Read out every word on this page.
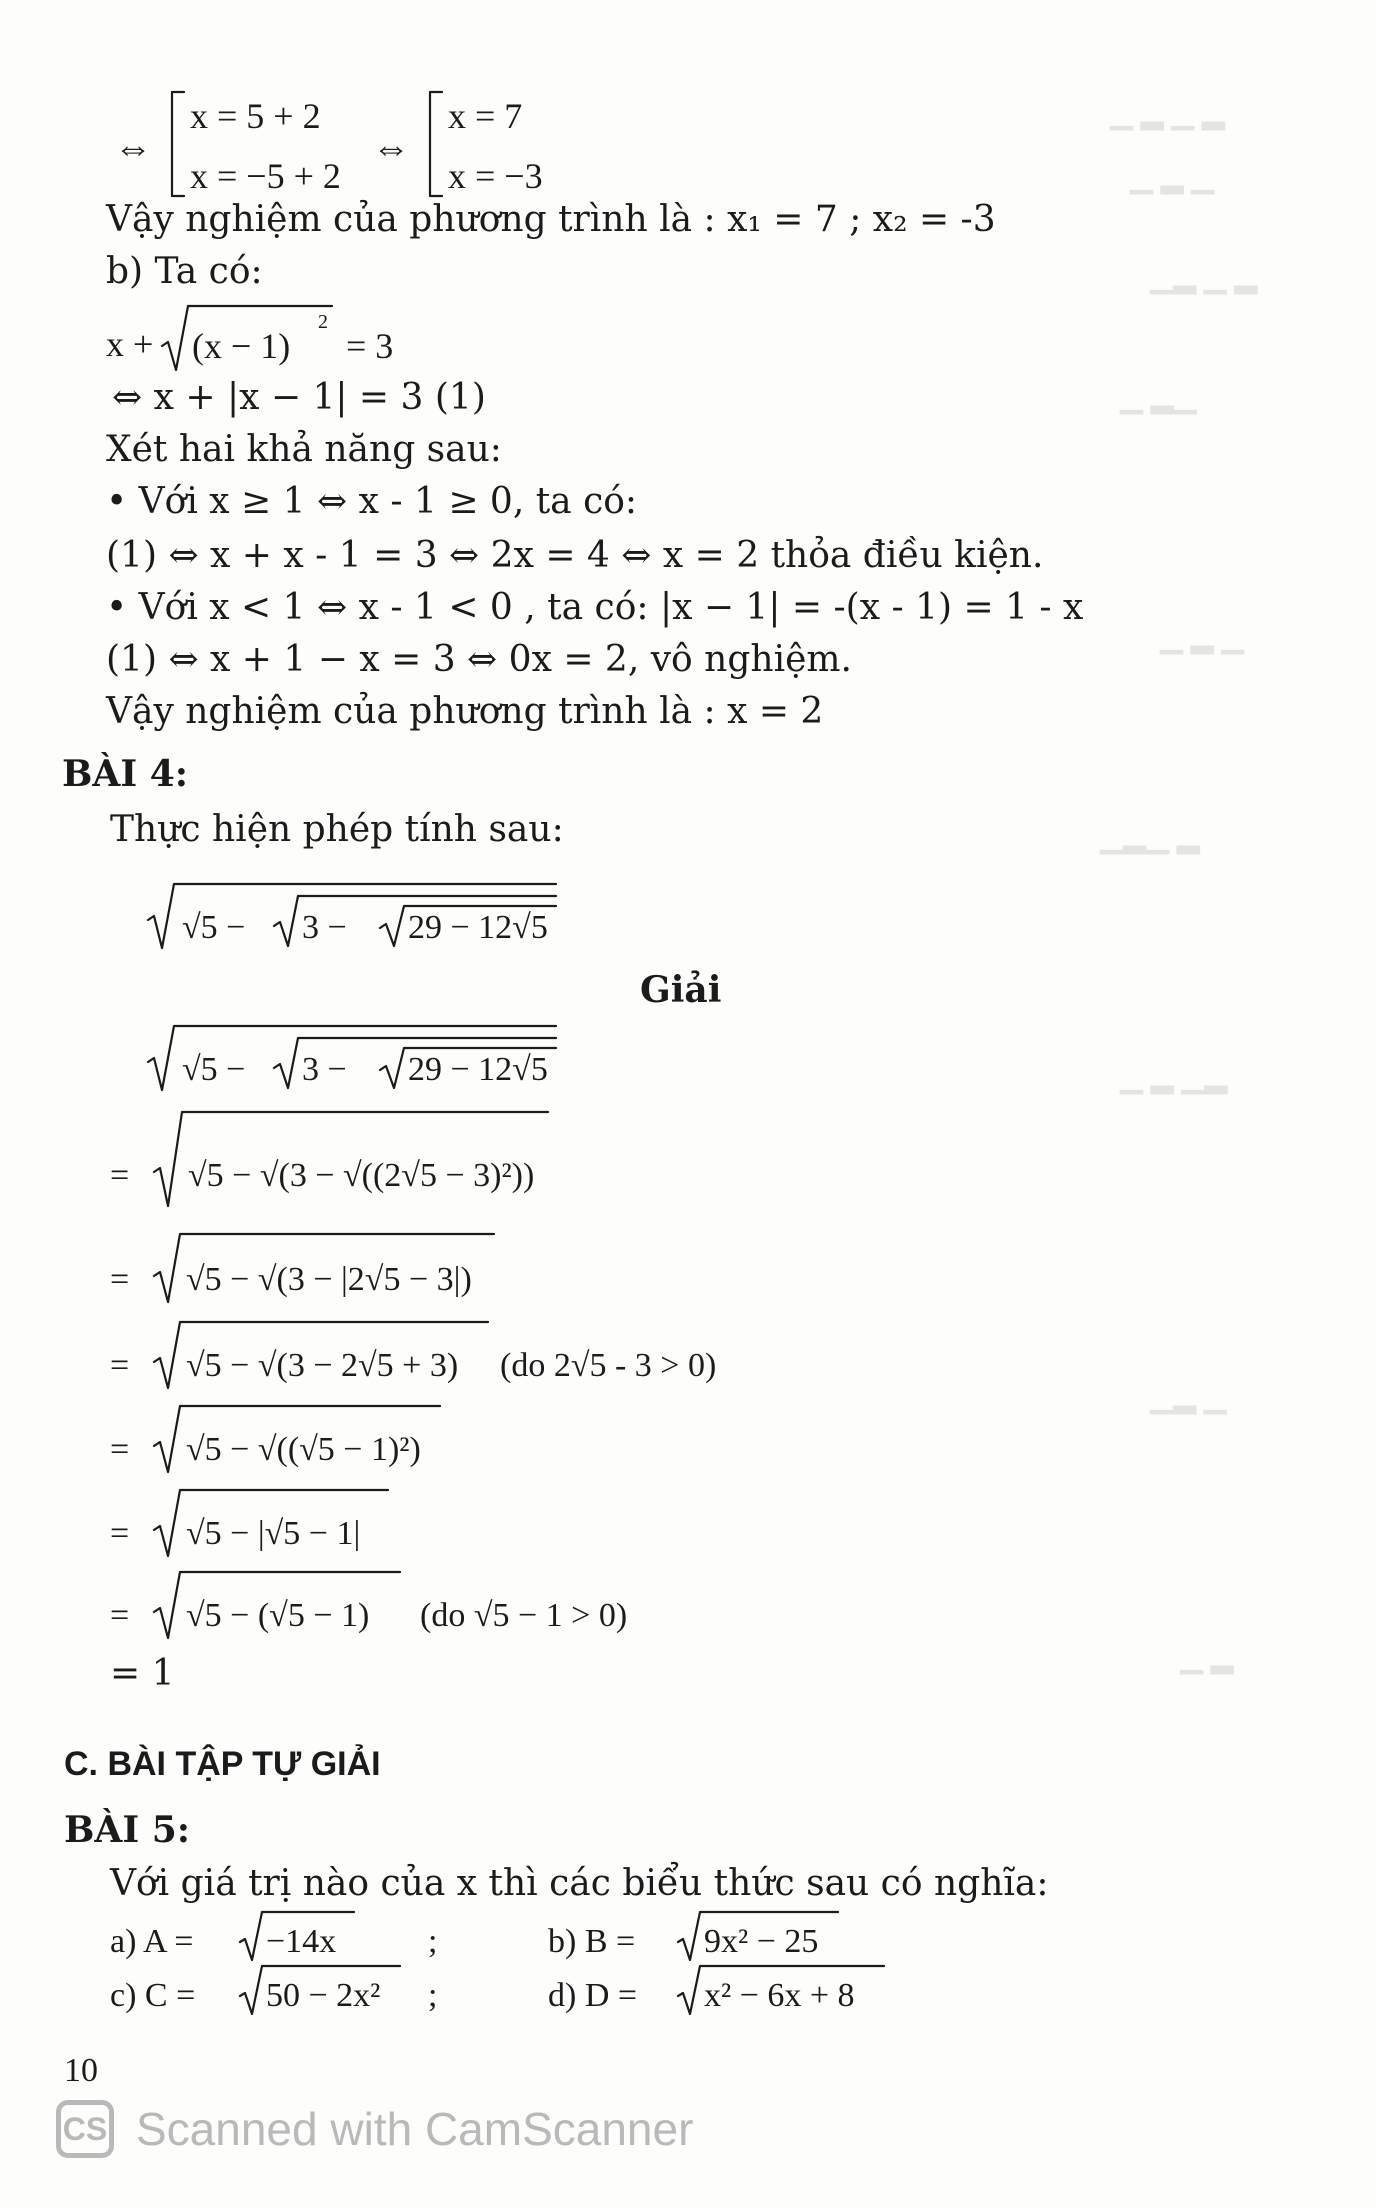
▁ ▂ ▁ ▂
▁ ▂ ▁
▁▂ ▁ ▂
▁ ▂▁
▁ ▂ ▁
▁▂▁ ▂
▁ ▂ ▁▂
▁▂ ▁
▁ ▂
⇔
x = 5 + 2
x = −5 + 2
⇔
x = 7
x = −3
Vậy nghiệm của phương trình là : x₁ = 7 ; x₂ = -3
b) Ta có:
x + (x − 1)
2
= 3
⇔ x + |x − 1| = 3 (1)
Xét hai khả năng sau:
• Với x ≥ 1 ⇔ x - 1 ≥ 0, ta có:
(1) ⇔ x + x - 1 = 3 ⇔ 2x = 4 ⇔ x = 2 thỏa điều kiện.
• Với x < 1 ⇔ x - 1 < 0 , ta có: |x − 1| = -(x - 1) = 1 - x
(1) ⇔ x + 1 − x = 3 ⇔ 0x = 2, vô nghiệm.
Vậy nghiệm của phương trình là : x = 2
BÀI 4:
Thực hiện phép tính sau:
√5 − 3 − 29 − 12√5
Giải
√5 − 3 − 29 − 12√5
= √5 − √(3 − √((2√5 − 3)²))
= √5 − √(3 − |2√5 − 3|)
= √5 − √(3 − 2√5 + 3) (do 2√5 - 3 > 0)
= √5 − √((√5 − 1)²)
= √5 − |√5 − 1|
= √5 − (√5 − 1) (do √5 − 1 > 0)
= 1
C. BÀI TẬP TỰ GIẢI
BÀI 5:
Với giá trị nào của x thì các biểu thức sau có nghĩa:
a) A = −14x	;	b) B = 9x² − 25
c) C = 50 − 2x² ;	d) D = x² − 6x + 8
10
CS Scanned with CamScanner
